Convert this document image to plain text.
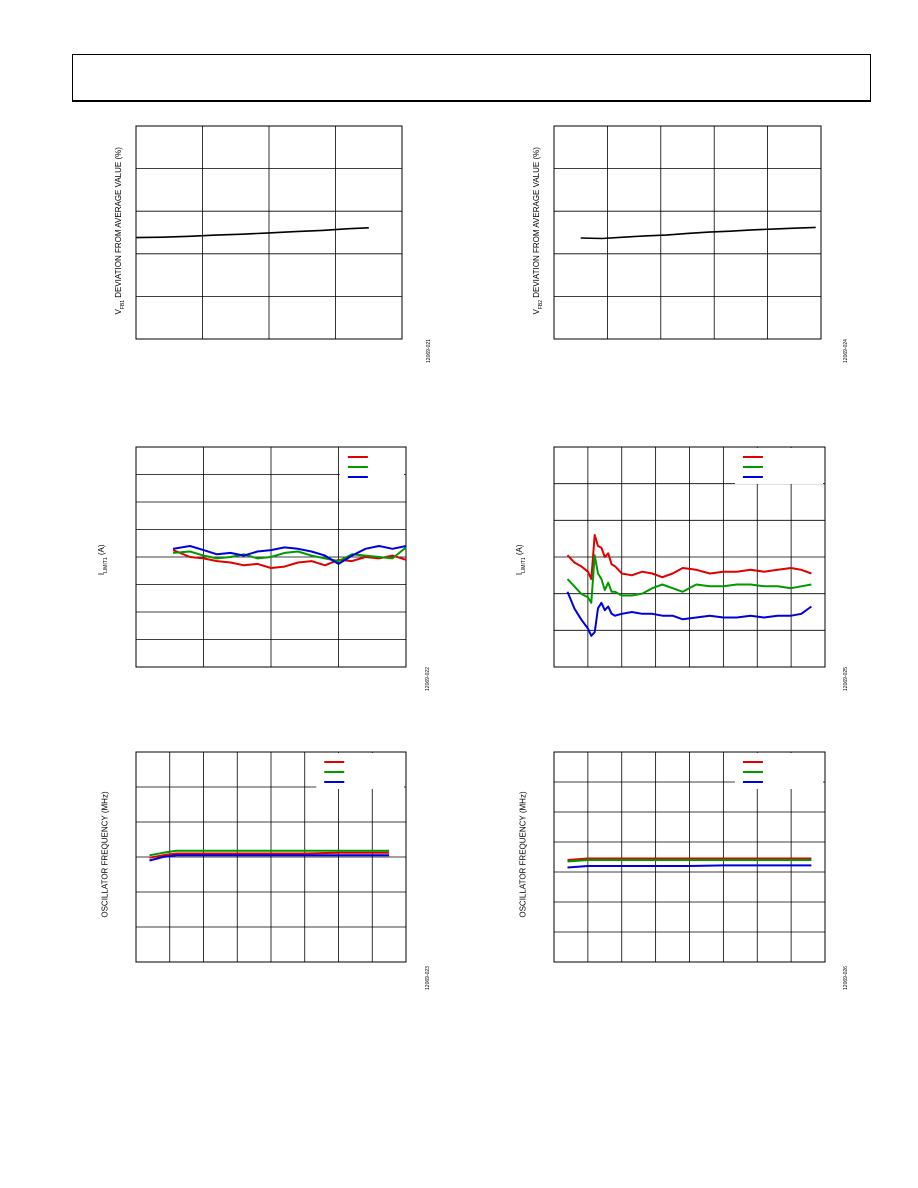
$V_{FB1}$ DEVIATION FROM AVERAGE VALUE (%)
12069-021
$V_{FB2}$ DEVIATION FROM AVERAGE VALUE (%)
12069-024
$I_{LIMIT1}$ (A)
12069-022
$I_{LIMIT1}$ (A)
12069-025
OSCILLATOR FREQUENCY (MHz)
12069-023
OSCILLATOR FREQUENCY (MHz)
12069-026
